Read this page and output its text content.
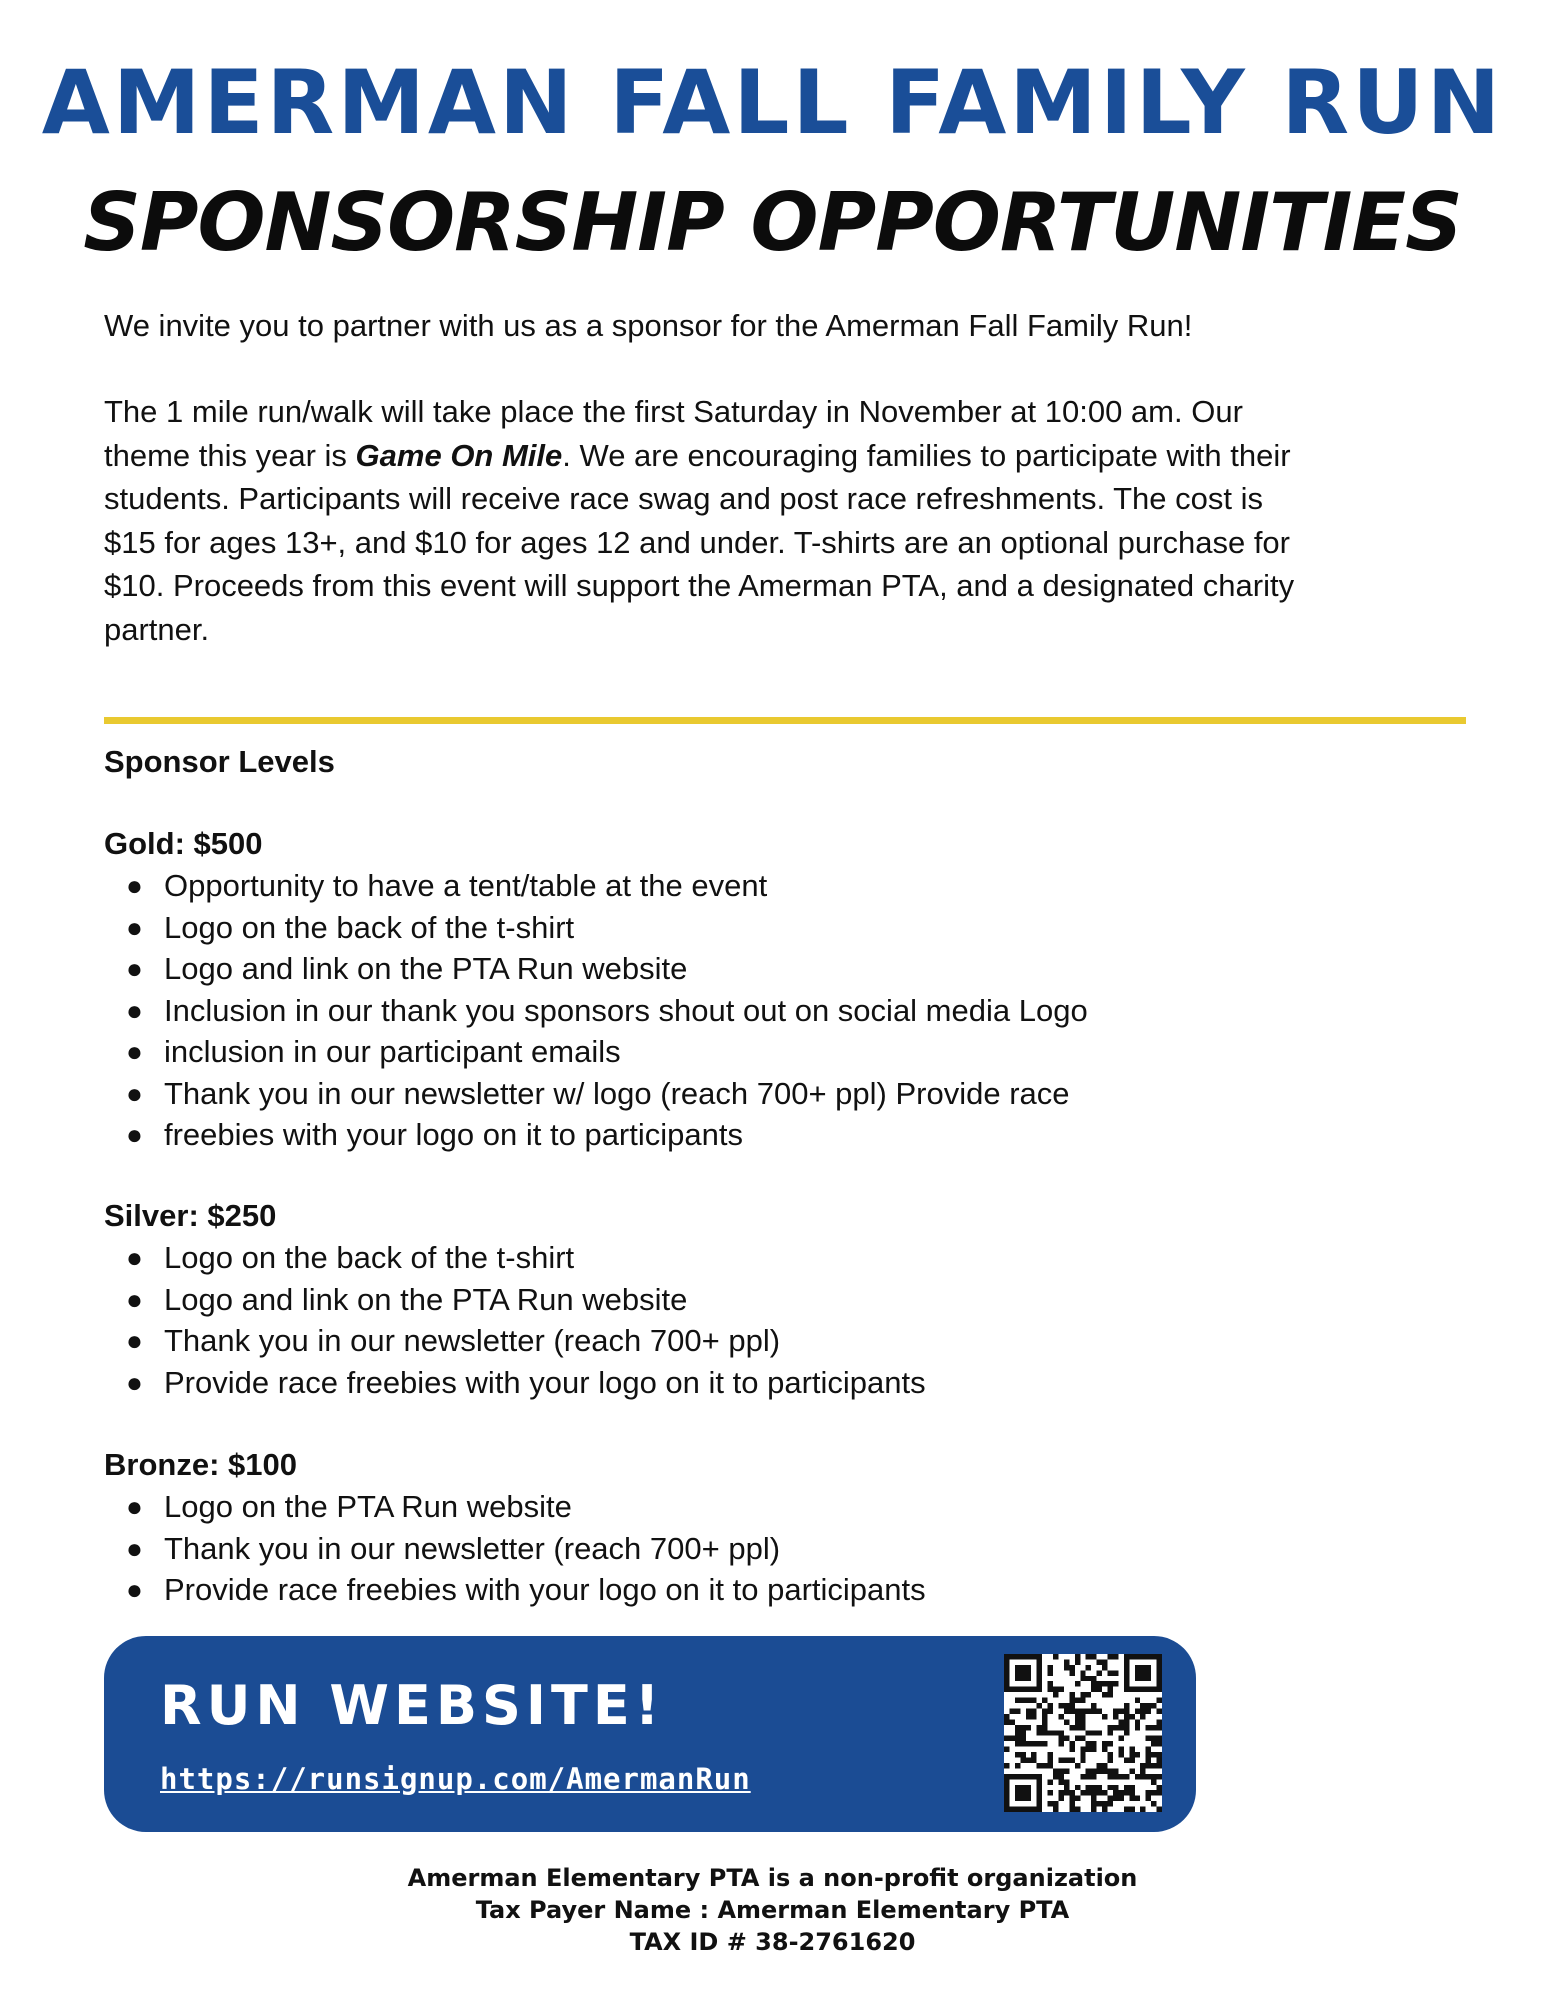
AMERMAN FALL FAMILY RUN
SPONSORSHIP OPPORTUNITIES
We invite you to partner with us as a sponsor for the Amerman Fall Family Run!
The 1 mile run/walk will take place the first Saturday in November at 10:00 am. Our
theme this year is Game On Mile. We are encouraging families to participate with their
students. Participants will receive race swag and post race refreshments. The cost is
$15 for ages 13+, and $10 for ages 12 and under. T-shirts are an optional purchase for
$10. Proceeds from this event will support the Amerman PTA, and a designated charity
partner.
Sponsor Levels
Gold: $500
● Opportunity to have a tent/table at the event
● Logo on the back of the t-shirt
● Logo and link on the PTA Run website
● Inclusion in our thank you sponsors shout out on social media Logo
● inclusion in our participant emails
● Thank you in our newsletter w/ logo (reach 700+ ppl) Provide race
● freebies with your logo on it to participants
Silver: $250
● Logo on the back of the t-shirt
● Logo and link on the PTA Run website
● Thank you in our newsletter (reach 700+ ppl)
● Provide race freebies with your logo on it to participants
Bronze: $100
● Logo on the PTA Run website
● Thank you in our newsletter (reach 700+ ppl)
● Provide race freebies with your logo on it to participants
RUN WEBSITE!
https://runsignup.com/AmermanRun
Amerman Elementary PTA is a non-profit organization
Tax Payer Name : Amerman Elementary PTA
TAX ID # 38-2761620
